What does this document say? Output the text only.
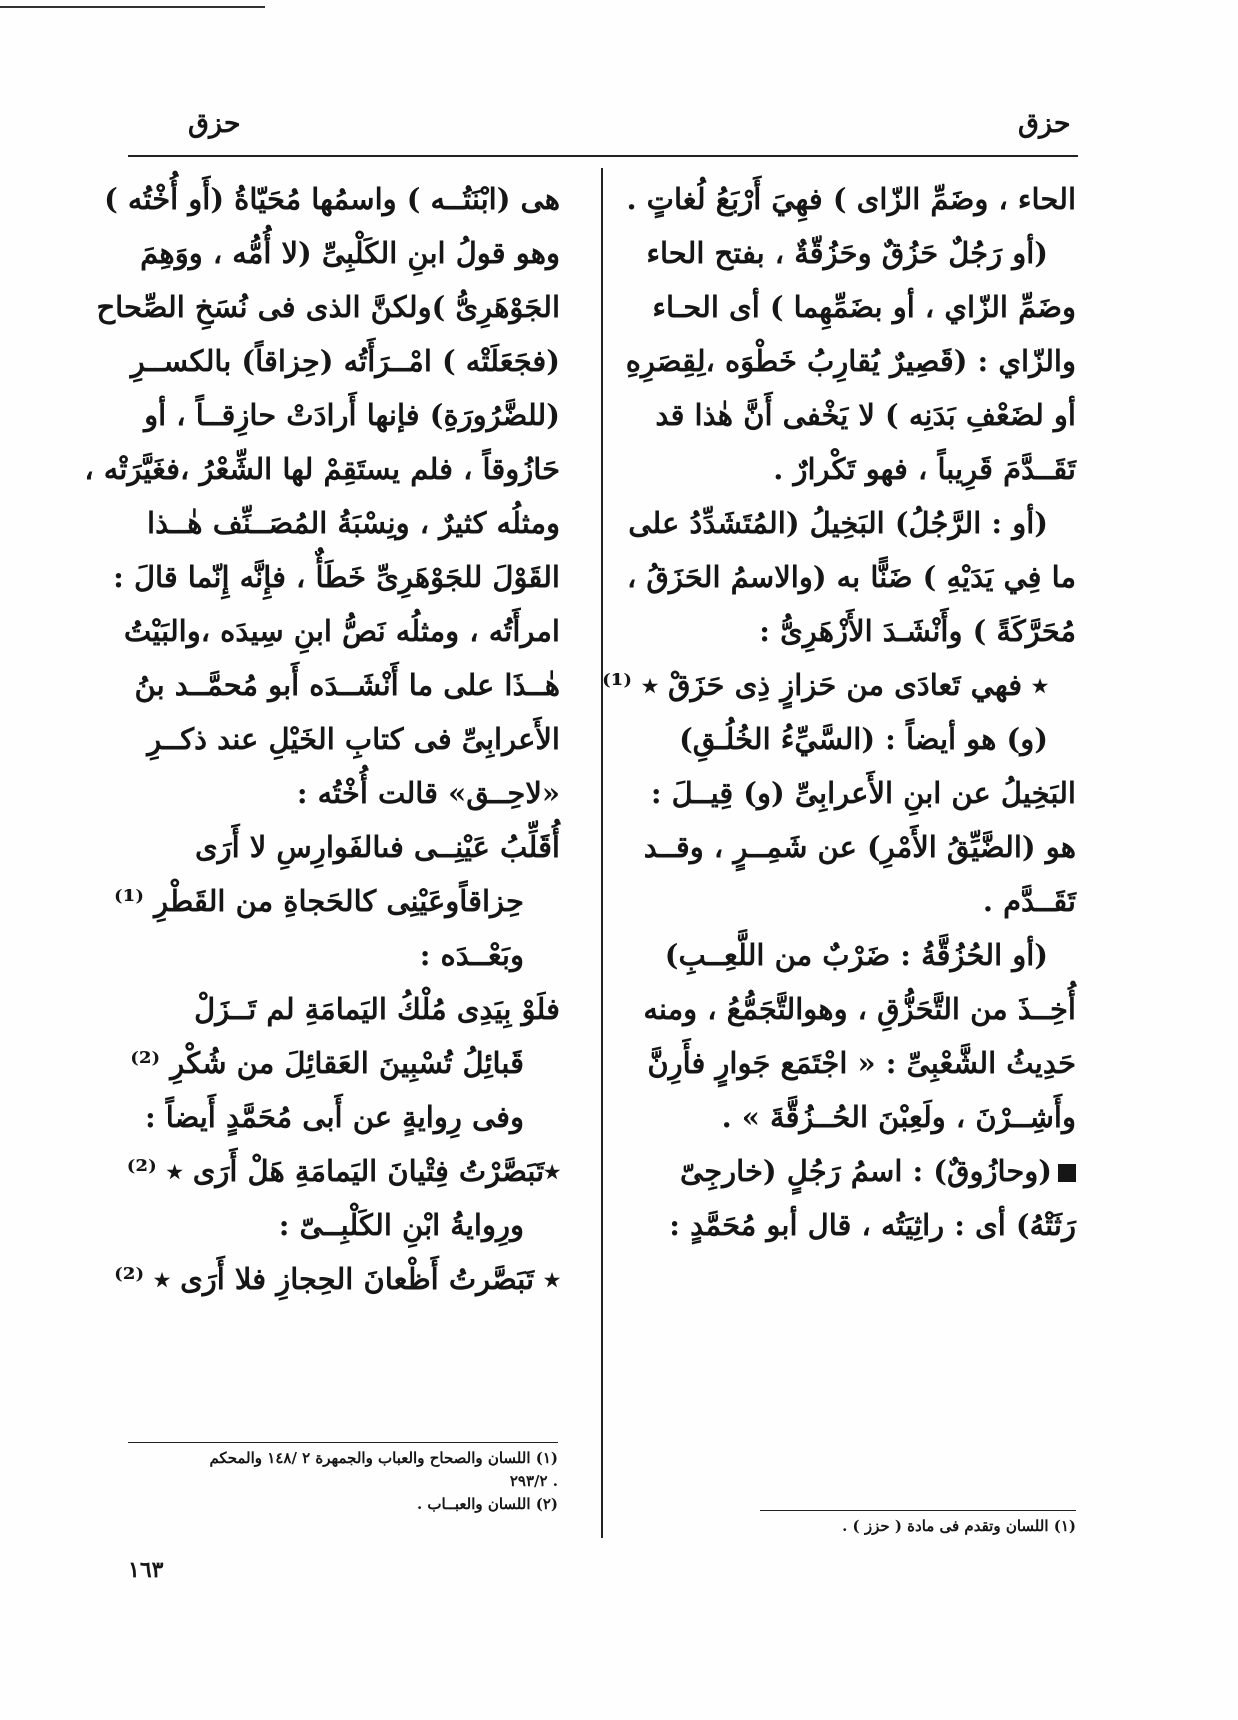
حزق	حزق
الحاء ، وضَمِّ الزّاى ) فهِيَ أَرْبَعُ لُغاتٍ .
(أو رَجُلٌ حَزُقٌ وحَزُقّةٌ ، بفتح الحاء
وضَمِّ الزّاي ، أو بضَمِّهِما ) أى الحـاء
والزّاي : (قَصِيرٌ يُقارِبُ خَطْوَه ،لِقِصَرِهِ
أو لضَعْفِ بَدَنِه ) لا يَخْفى أَنَّ هٰذا قد
تَقَــدَّمَ قَرِيباً ، فهو تَكْرارٌ .
(أو : الرَّجُلُ) البَخِيلُ (المُتَشَدِّدُ على
ما فِي يَدَيْهِ ) ضَنًّا به (والاسمُ الحَزَقُ ،
مُحَرَّكَةً ) وأَنْشَـدَ الأَزْهَرِىُّ :
٭ فهي تَعادَى من حَزازٍ ذِى حَزَقْ ٭ ⁽¹⁾
(و) هو أيضاً : (السَّيِّءُ الخُلُـقِ)
البَخِيلُ عن ابنِ الأَعرابِىِّ (و) قِيــلَ :
هو (الضَّيِّقُ الأَمْرِ) عن شَمِــرٍ ، وقــد
تَقَــدَّم .
(أو الحُزُقَّةُ : ضَرْبٌ من اللَّعِــبِ)
أُخِــذَ من التَّحَزُّقِ ، وهوالتَّجَمُّعُ ، ومنه
حَدِيثُ الشَّعْبِىِّ : « اجْتَمَع جَوارٍ فأَرِنَّ
وأَشِــرْنَ ، ولَعِبْنَ الحُــزُقَّةَ » .
(وحازُوقٌ) : اسمُ رَجُلٍ (خارجِىّ
رَثَتْهُ) أى : راثِيَتُه ، قال أبو مُحَمَّدٍ :
هى (ابْنَتُــه ) واسمُها مُحَيّاةُ (أَو أُخْتُه )
وهو قولُ ابنِ الكَلْبِىِّ (لا أُمُّه ، ووَهِمَ
الجَوْهَرِىُّ )ولكنَّ الذى فى نُسَخِ الصِّحاح
(فجَعَلَتْه ) امْــرَأَتُه (حِزاقاً) بالكســرِ
(للضَّرُورَةِ) فإنها أَرادَتْ حازِقــاً ، أو
حَازُوقاً ، فلم يستَقِمْ لها الشِّعْرُ ،فغَيَّرَتْه ،
ومثلُه كثيرٌ ، ونِسْبَةُ المُصَــنِّف هٰــذا
القَوْلَ للجَوْهَرِىِّ خَطَأٌ ، فإِنَّه إِنّما قالَ :
امرأَتُه ، ومثلُه نَصُّ ابنِ سِيدَه ،والبَيْتُ
هٰــذَا على ما أَنْشَــدَه أَبو مُحمَّــد بنُ
الأَعرابِىِّ فى كتابِ الخَيْلِ عند ذكــرِ
«لاحِــق» قالت أُخْتُه :
أُقَلِّبُ عَيْنِــى فىالفَوارِسِ لا أَرَى
حِزاقاًوعَيْنِى كالحَجاةِ من القَطْرِ ⁽¹⁾
وبَعْــدَه :
فلَوْ بِيَدِى مُلْكُ اليَمامَةِ لم تَــزَلْ
قَبائِلُ تُسْبِينَ العَقائِلَ من شُكْرِ ⁽²⁾
وفى رِوايةٍ عن أَبى مُحَمَّدٍ أَيضاً :
٭تَبَصَّرْتُ فِتْيانَ اليَمامَةِ هَلْ أَرَى ٭ ⁽²⁾
ورِوايةُ ابْنِ الكَلْبِــىّ :
٭ تَبَصَّرتُ أَظْعانَ الحِجازِ فلا أَرَى ٭ ⁽²⁾
(١) اللسان والصحاح والعباب والجمهرة ٢ /١٤٨ والمحكم
. ٢٩٣/٢
(٢) اللسان والعبــاب .
(١) اللسان وتقدم فى مادة ( حزز ) .
١٦٣
